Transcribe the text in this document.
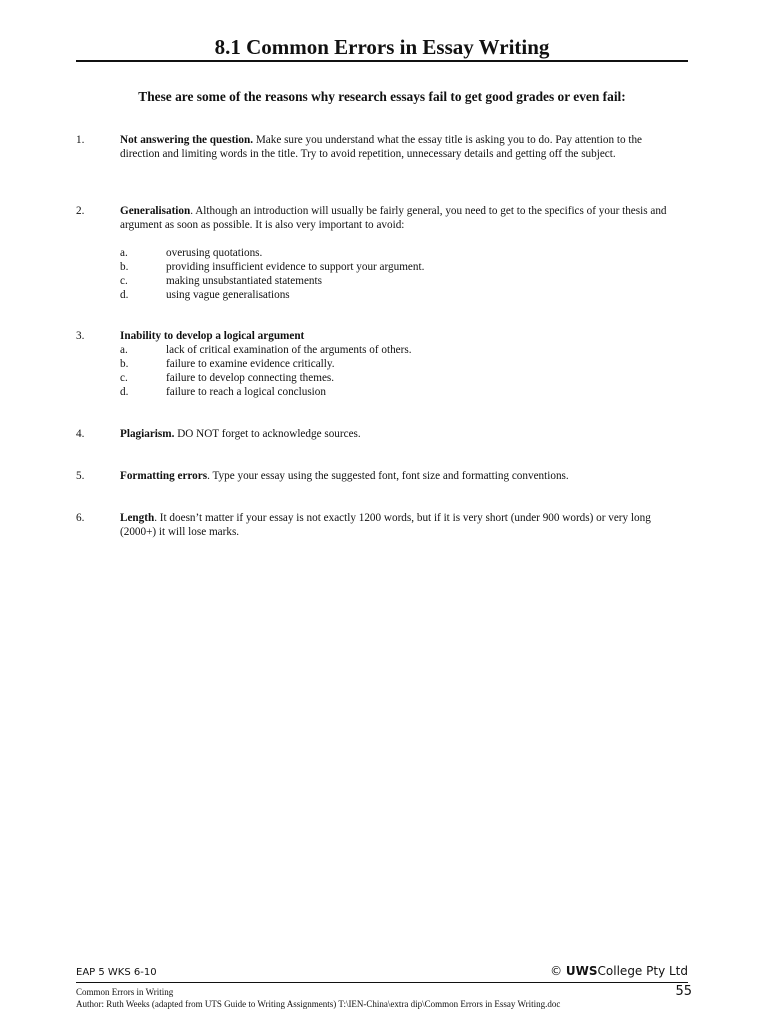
8.1 Common Errors in Essay Writing
These are some of the reasons why research essays fail to get good grades or even fail:
1.	Not answering the question. Make sure you understand what the essay title is asking you to do. Pay attention to the direction and limiting words in the title. Try to avoid repetition, unnecessary details and getting off the subject.
2.	Generalisation. Although an introduction will usually be fairly general, you need to get to the specifics of your thesis and argument as soon as possible. It is also very important to avoid:
a.	overusing quotations.
b.	providing insufficient evidence to support your argument.
c.	making unsubstantiated statements
d.	using vague generalisations
3.	Inability to develop a logical argument
a.	lack of critical examination of the arguments of others.
b.	failure to examine evidence critically.
c.	failure to develop connecting themes.
d.	failure to reach a logical conclusion
4.	Plagiarism. DO NOT forget to acknowledge sources.
5.	Formatting errors. Type your essay using the suggested font, font size and formatting conventions.
6.	Length. It doesn’t matter if your essay is not exactly 1200 words, but if it is very short (under 900 words) or very long (2000+) it will lose marks.
EAP 5 WKS 6-10	© UWSCollege Pty Ltd
Common Errors in Writing	55
Author: Ruth Weeks (adapted from UTS Guide to Writing Assignments) T:\IEN-China\extra dip\Common Errors in Essay Writing.doc
